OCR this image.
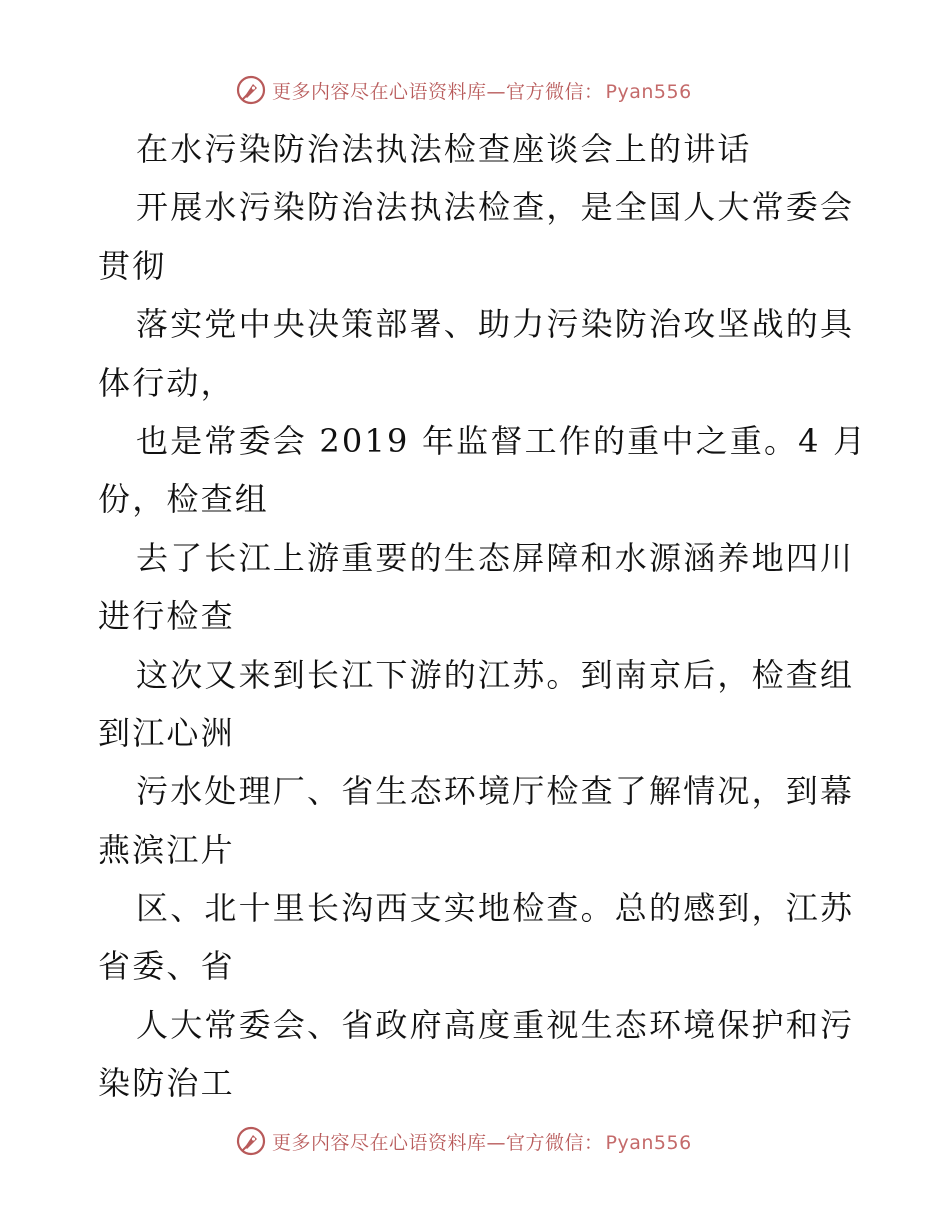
更多内容尽在心语资料库—官方微信： Pyan556
在水污染防治法执法检查座谈会上的讲话
开展水污染防治法执法检查，是全国人大常委会
贯彻
落实党中央决策部署、助力污染防治攻坚战的具
体行动，
也是常委会 2019 年监督工作的重中之重。4 月
份，检查组
去了长江上游重要的生态屏障和水源涵养地四川
进行检查
这次又来到长江下游的江苏。到南京后，检查组
到江心洲
污水处理厂、省生态环境厅检查了解情况，到幕
燕滨江片
区、北十里长沟西支实地检查。总的感到，江苏
省委、省
人大常委会、省政府高度重视生态环境保护和污
染防治工
更多内容尽在心语资料库—官方微信： Pyan556
